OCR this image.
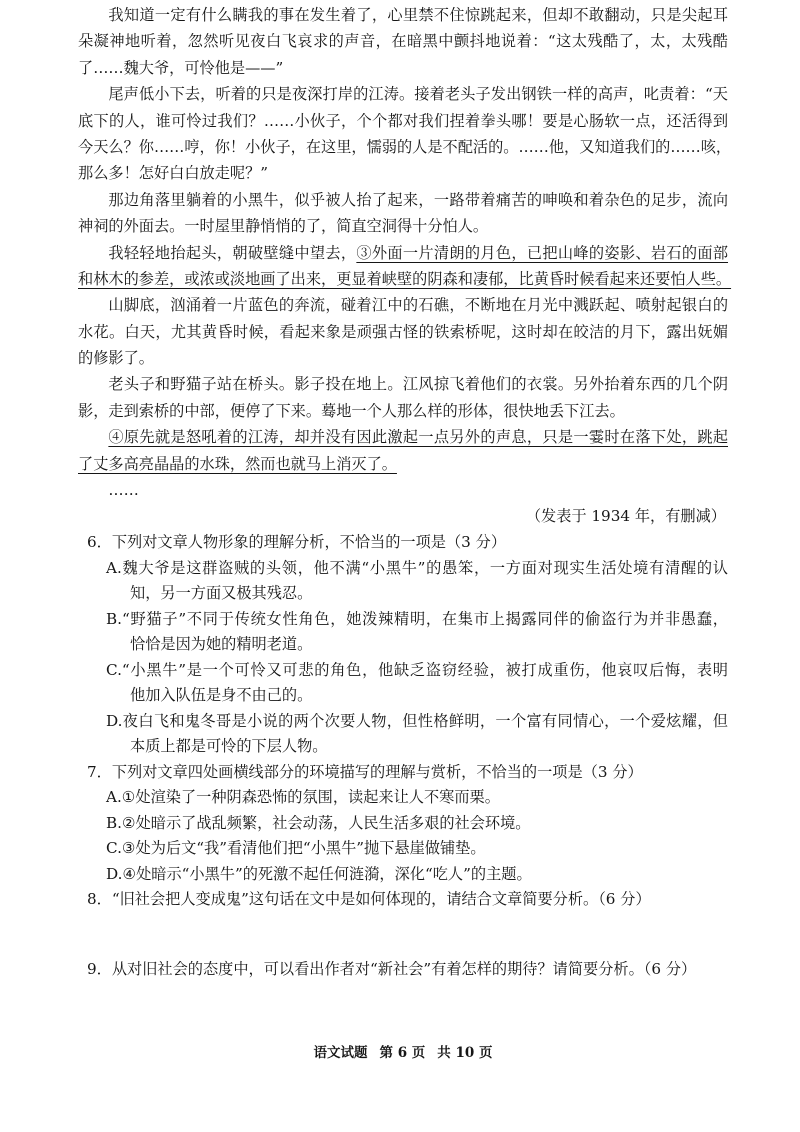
我知道一定有什么瞒我的事在发生着了，心里禁不住惊跳起来，但却不敢翻动，只是尖起耳
朵凝神地听着，忽然听见夜白飞哀求的声音，在暗黑中颤抖地说着：“这太残酷了，太，太残酷
了……魏大爷，可怜他是——”
尾声低小下去，听着的只是夜深打岸的江涛。接着老头子发出钢铁一样的高声，叱责着：“天
底下的人，谁可怜过我们？……小伙子，个个都对我们捏着拳头哪！要是心肠软一点，还活得到
今天么？你……哼，你！小伙子，在这里，懦弱的人是不配活的。……他，又知道我们的……咳，
那么多！怎好白白放走呢？”
那边角落里躺着的小黑牛，似乎被人抬了起来，一路带着痛苦的呻唤和着杂色的足步，流向
神祠的外面去。一时屋里静悄悄的了，简直空洞得十分怕人。
我轻轻地抬起头，朝破壁缝中望去，③外面一片清朗的月色，已把山峰的姿影、岩石的面部
和林木的参差，或浓或淡地画了出来，更显着峡壁的阴森和凄郁，比黄昏时候看起来还要怕人些。
山脚底，汹涌着一片蓝色的奔流，碰着江中的石礁，不断地在月光中溅跃起、喷射起银白的
水花。白天，尤其黄昏时候，看起来象是顽强古怪的铁索桥呢，这时却在皎洁的月下，露出妩媚
的修影了。
老头子和野猫子站在桥头。影子投在地上。江风掠飞着他们的衣裳。另外抬着东西的几个阴
影，走到索桥的中部，便停了下来。蓦地一个人那么样的形体，很快地丢下江去。
④原先就是怒吼着的江涛，却并没有因此激起一点另外的声息，只是一霎时在落下处，跳起
了丈多高亮晶晶的水珠，然而也就马上消灭了。
……
（发表于 1934 年，有删减）
6．下列对文章人物形象的理解分析，不恰当的一项是（3 分）
A.魏大爷是这群盗贼的头领，他不满“小黑牛”的愚笨，一方面对现实生活处境有清醒的认
知，另一方面又极其残忍。
B.“野猫子”不同于传统女性角色，她泼辣精明，在集市上揭露同伴的偷盗行为并非愚蠢，
恰恰是因为她的精明老道。
C.“小黑牛”是一个可怜又可悲的角色，他缺乏盗窃经验，被打成重伤，他哀叹后悔，表明
他加入队伍是身不由己的。
D.夜白飞和鬼冬哥是小说的两个次要人物，但性格鲜明，一个富有同情心，一个爱炫耀，但
本质上都是可怜的下层人物。
7．下列对文章四处画横线部分的环境描写的理解与赏析，不恰当的一项是（3 分）
A.①处渲染了一种阴森恐怖的氛围，读起来让人不寒而栗。
B.②处暗示了战乱频繁，社会动荡，人民生活多艰的社会环境。
C.③处为后文“我”看清他们把“小黑牛”抛下悬崖做铺垫。
D.④处暗示“小黑牛”的死激不起任何涟漪，深化“吃人”的主题。
8．“旧社会把人变成鬼”这句话在文中是如何体现的，请结合文章简要分析。（6 分）
9．从对旧社会的态度中，可以看出作者对“新社会”有着怎样的期待？请简要分析。（6 分）
语文试题 第 6 页 共 10 页
